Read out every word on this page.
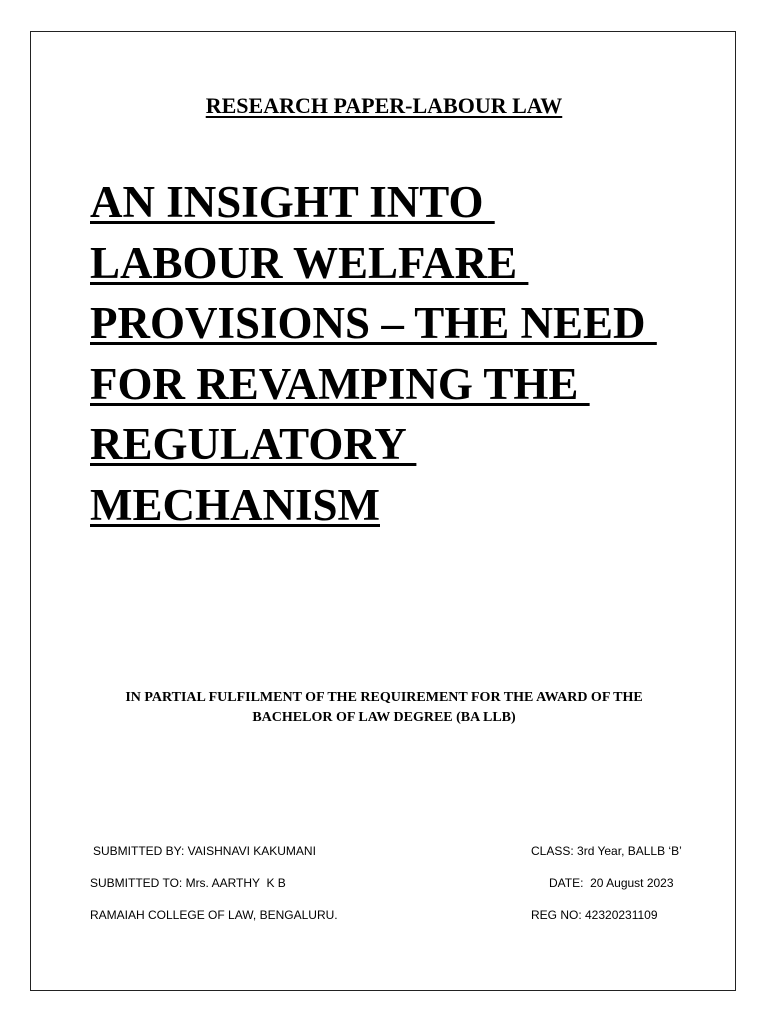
RESEARCH PAPER-LABOUR LAW
AN INSIGHT INTO
LABOUR WELFARE
PROVISIONS – THE NEED
FOR REVAMPING THE
REGULATORY
MECHANISM
IN PARTIAL FULFILMENT OF THE REQUIREMENT FOR THE AWARD OF THE
BACHELOR OF LAW DEGREE (BA LLB)
SUBMITTED BY: VAISHNAVI KAKUMANI
SUBMITTED TO: Mrs. AARTHY  K B
RAMAIAH COLLEGE OF LAW, BENGALURU.
CLASS: 3rd Year, BALLB ‘B’
DATE:  20 August 2023
REG NO: 42320231109
